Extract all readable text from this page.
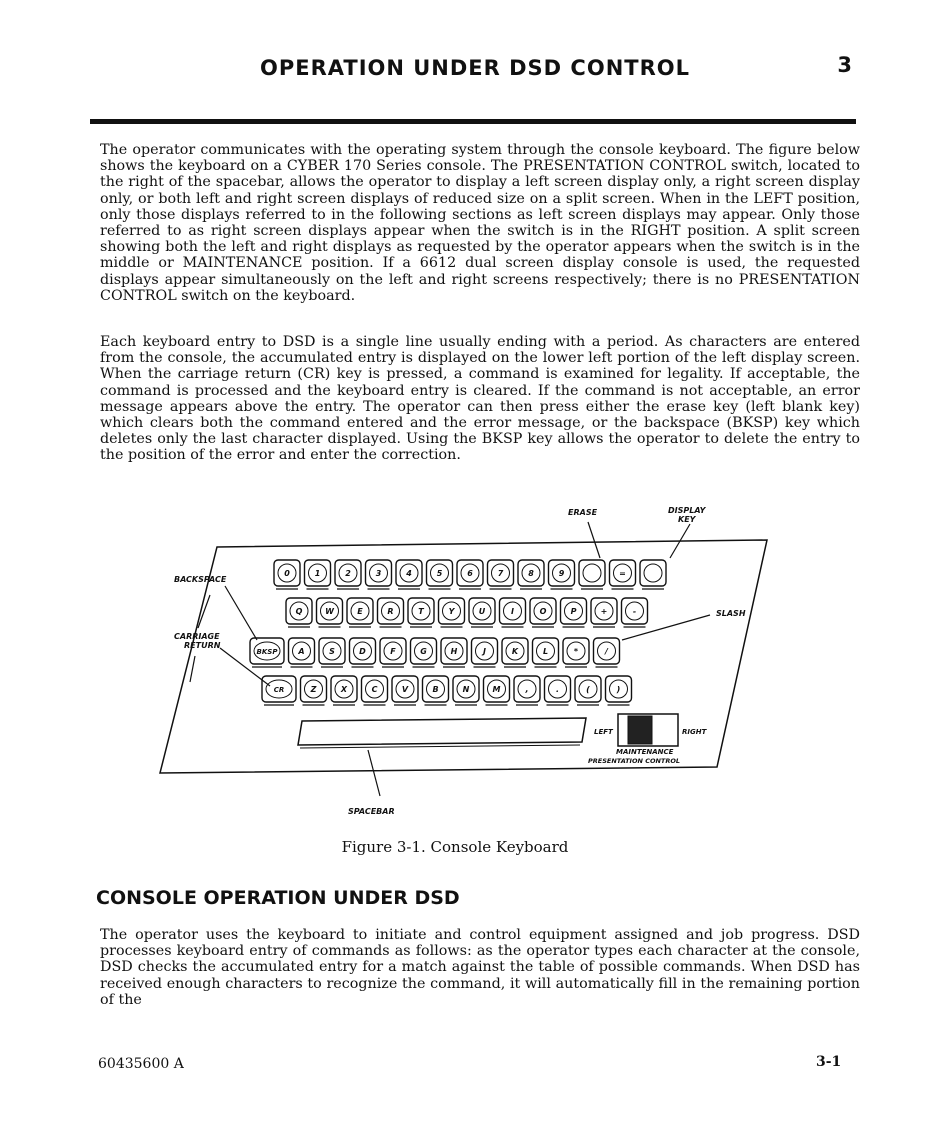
OPERATION UNDER DSD CONTROL	3

The operator communicates with the operating system through the console keyboard. The figure below shows the keyboard on a CYBER 170 Series console. The PRESENTATION CONTROL switch, located to the right of the spacebar, allows the operator to display a left screen display only, a right screen display only, or both left and right screen displays of reduced size on a split screen. When in the LEFT position, only those displays referred to in the following sections as left screen displays may appear. Only those referred to as right screen displays appear when the switch is in the RIGHT position. A split screen showing both the left and right displays as requested by the operator appears when the switch is in the middle or MAINTENANCE position. If a 6612 dual screen display console is used, the requested displays appear simultaneously on the left and right screens respectively; there is no PRESENTATION CONTROL switch on the keyboard.

Each keyboard entry to DSD is a single line usually ending with a period. As characters are entered from the console, the accumulated entry is displayed on the lower left portion of the left display screen. When the carriage return (CR) key is pressed, a command is examined for legality. If acceptable, the command is processed and the keyboard entry is cleared. If the command is not acceptable, an error message appears above the entry. The operator can then press either the erase key (left blank key) which clears both the command entered and the error message, or the backspace (BKSP) key which deletes only the last character displayed. Using the BKSP key allows the operator to delete the entry to the position of the error and enter the correction.

0	1	2	3	4	5	6	7	8	9	=
Q	W	E	R	T	Y	U	I	O	P	+	-
BKSP	A	S	D	F	G	H	J	K	L	*	/
CR	Z	X	C	V	B	N	M	,	.	(	)
ERASE	DISPLAY
KEY
BACKSPACE
CARRIAGE
RETURN
SLASH
LEFT	RIGHT
MAINTENANCE
PRESENTATION CONTROL
SPACEBAR
Figure 3-1. Console Keyboard
CONSOLE OPERATION UNDER DSD

The operator uses the keyboard to initiate and control equipment assigned and job progress. DSD processes keyboard entry of commands as follows: as the operator types each character at the console, DSD checks the accumulated entry for a match against the table of possible commands. When DSD has received enough characters to recognize the command, it will automatically fill in the remaining portion of the

60435600 A	3-1
